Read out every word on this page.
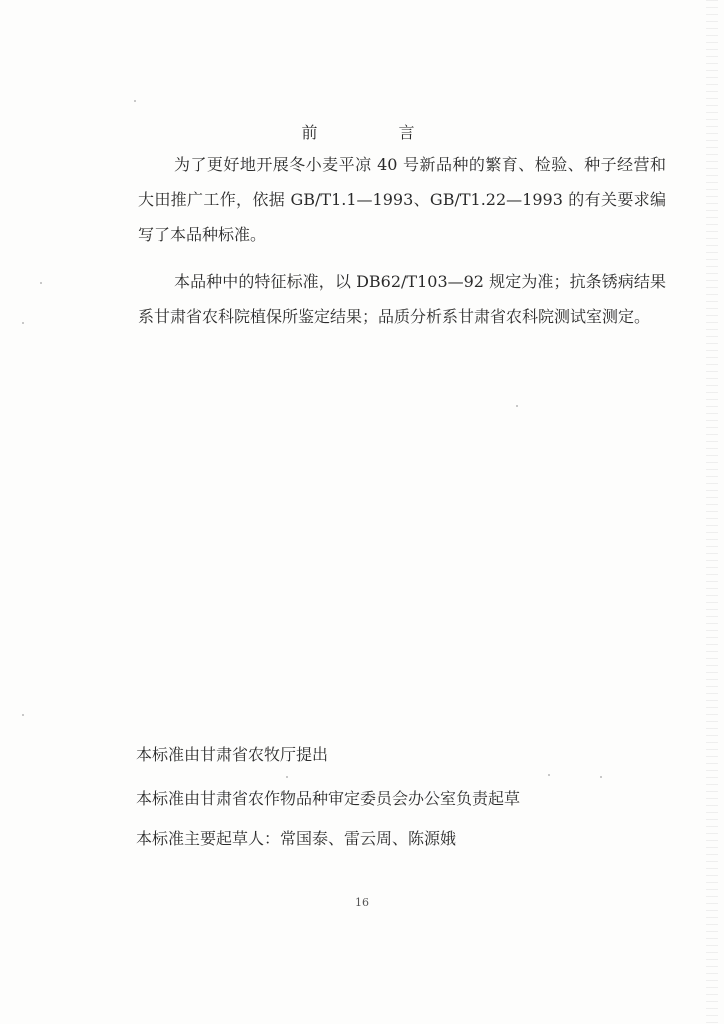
前 言

为了更好地开展冬小麦平凉 40 号新品种的繁育、检验、种子经营和大田推广工作，依据 GB/T1.1—1993、GB/T1.22—1993 的有关要求编写了本品种标准。

本品种中的特征标准，以 DB62/T103—92 规定为准；抗条锈病结果系甘肃省农科院植保所鉴定结果；品质分析系甘肃省农科院测试室测定。

本标准由甘肃省农牧厅提出

本标准由甘肃省农作物品种审定委员会办公室负责起草

本标准主要起草人：常国泰、雷云周、陈源娥

16
